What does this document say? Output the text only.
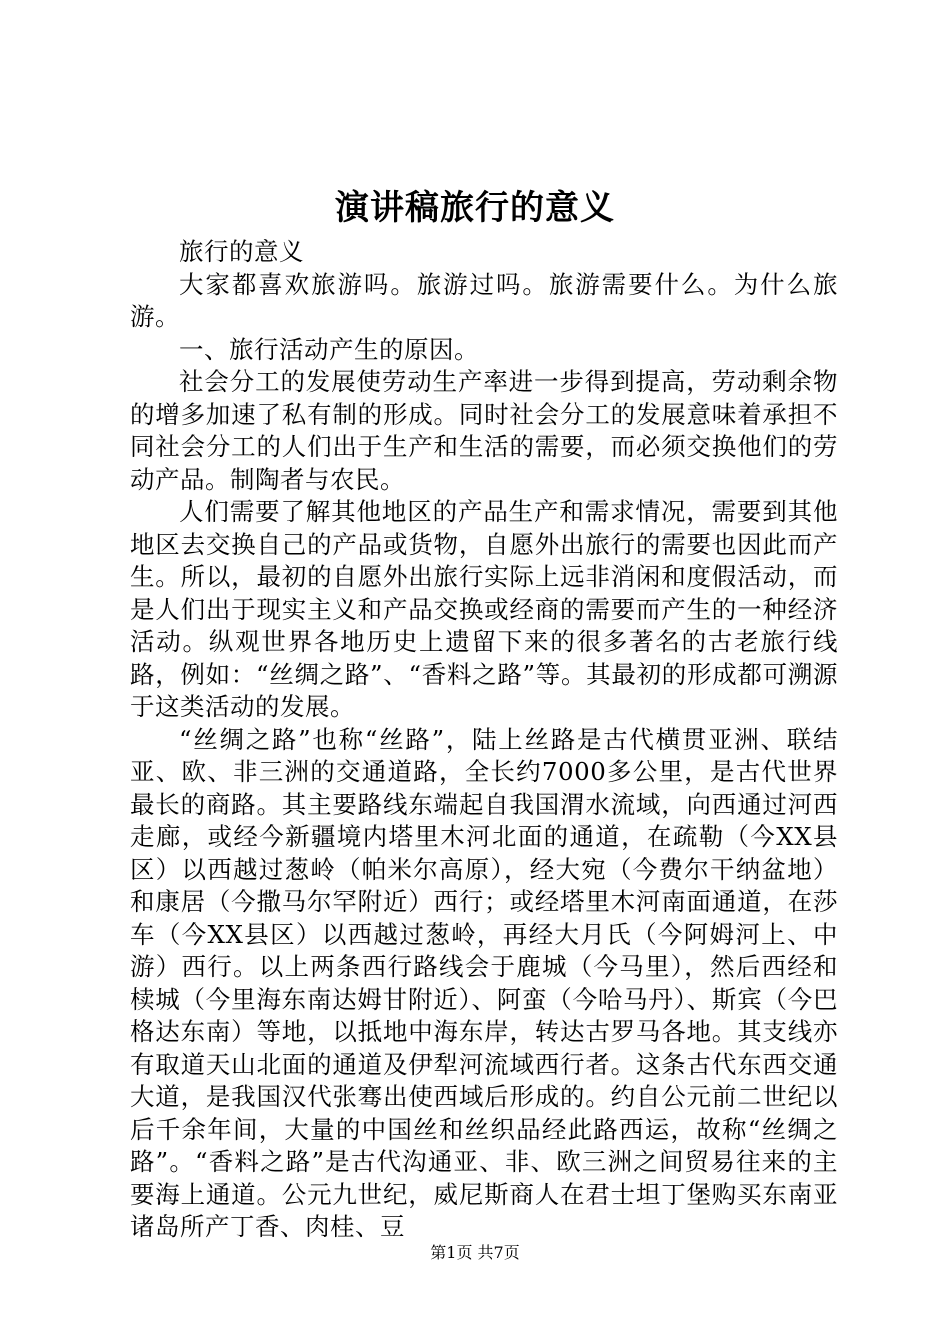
演讲稿旅行的意义

旅行的意义

大家都喜欢旅游吗。旅游过吗。旅游需要什么。为什么旅游。

一、旅行活动产生的原因。

社会分工的发展使劳动生产率进一步得到提高，劳动剩余物的增多加速了私有制的形成。同时社会分工的发展意味着承担不同社会分工的人们出于生产和生活的需要，而必须交换他们的劳动产品。制陶者与农民。

人们需要了解其他地区的产品生产和需求情况，需要到其他地区去交换自己的产品或货物，自愿外出旅行的需要也因此而产生。所以，最初的自愿外出旅行实际上远非消闲和度假活动，而是人们出于现实主义和产品交换或经商的需要而产生的一种经济活动。纵观世界各地历史上遗留下来的很多著名的古老旅行线路，例如：“丝绸之路”、“香料之路”等。其最初的形成都可溯源于这类活动的发展。

“丝绸之路”也称“丝路”，陆上丝路是古代横贯亚洲、联结亚、欧、非三洲的交通道路，全长约7000多公里，是古代世界最长的商路。其主要路线东端起自我国渭水流域，向西通过河西走廊，或经今新疆境内塔里木河北面的通道，在疏勒（今XX县区）以西越过葱岭（帕米尔高原），经大宛（今费尔干纳盆地）和康居（今撒马尔罕附近）西行；或经塔里木河南面通道，在莎车（今XX县区）以西越过葱岭，再经大月氏（今阿姆河上、中游）西行。以上两条西行路线会于鹿城（今马里），然后西经和椟城（今里海东南达姆甘附近）、阿蛮（今哈马丹）、斯宾（今巴格达东南）等地，以抵地中海东岸，转达古罗马各地。其支线亦有取道天山北面的通道及伊犁河流域西行者。这条古代东西交通大道，是我国汉代张骞出使西域后形成的。约自公元前二世纪以后千余年间，大量的中国丝和丝织品经此路西运，故称“丝绸之路”。“香料之路”是古代沟通亚、非、欧三洲之间贸易往来的主要海上通道。公元九世纪，威尼斯商人在君士坦丁堡购买东南亚诸岛所产丁香、肉桂、豆

第1页 共7页
